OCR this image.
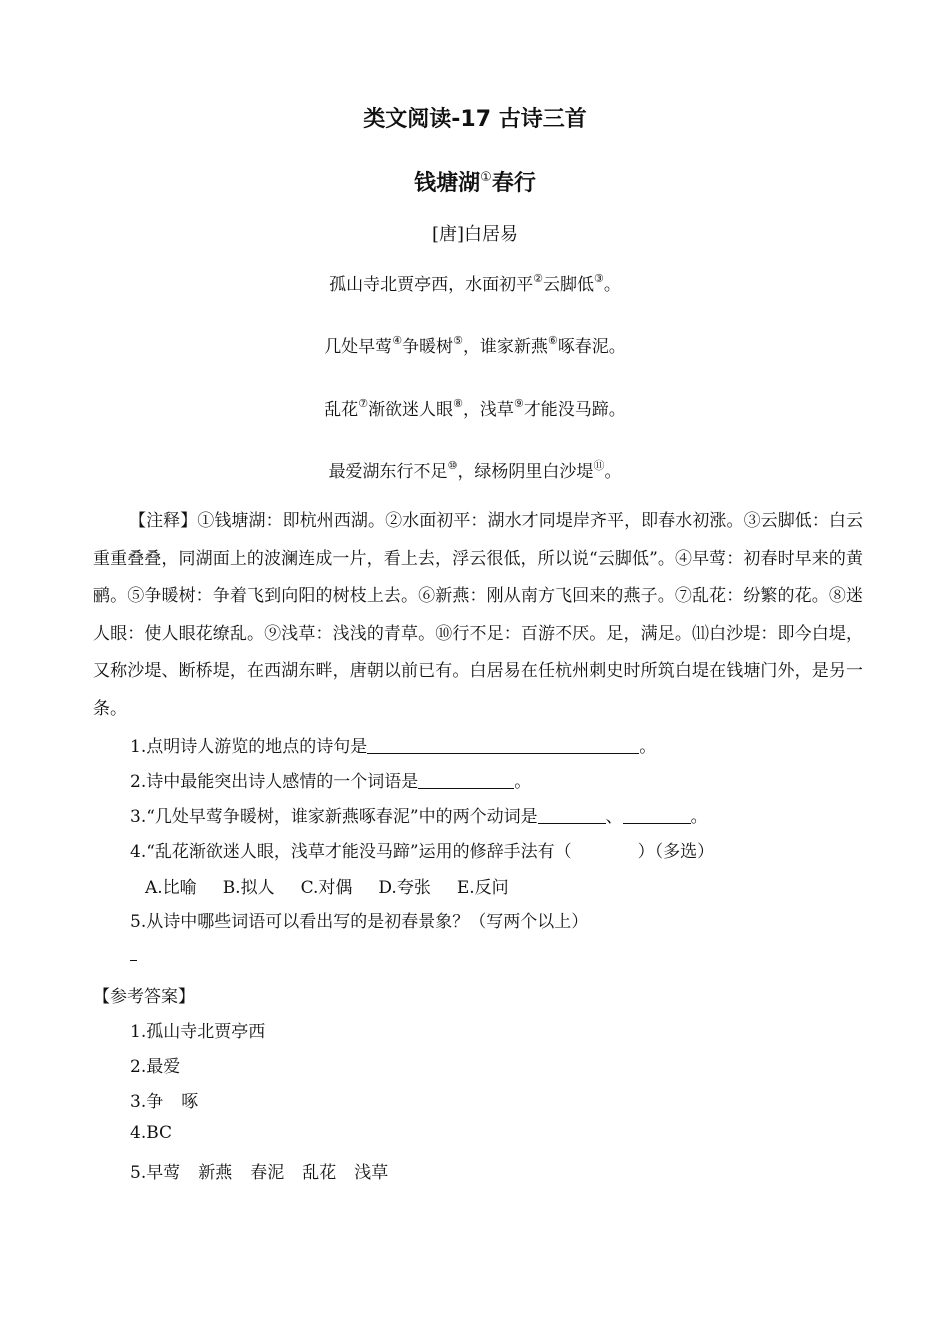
类文阅读-17 古诗三首
钱塘湖①春行
[唐]白居易
孤山寺北贾亭西，水面初平②云脚低③。
几处早莺④争暖树⑤，谁家新燕⑥啄春泥。
乱花⑦渐欲迷人眼⑧，浅草⑨才能没马蹄。
最爱湖东行不足⑩，绿杨阴里白沙堤⑪。

【注释】①钱塘湖：即杭州西湖。②水面初平：湖水才同堤岸齐平，即春水初涨。③云脚低：白云重重叠叠，同湖面上的波澜连成一片，看上去，浮云很低，所以说“云脚低”。④早莺：初春时早来的黄鹂。⑤争暖树：争着飞到向阳的树枝上去。⑥新燕：刚从南方飞回来的燕子。⑦乱花：纷繁的花。⑧迷人眼：使人眼花缭乱。⑨浅草：浅浅的青草。⑩行不足：百游不厌。足，满足。⑾白沙堤：即今白堤，又称沙堤、断桥堤，在西湖东畔，唐朝以前已有。白居易在任杭州刺史时所筑白堤在钱塘门外，是另一条。

1.点明诗人游览的地点的诗句是	。
2.诗中最能突出诗人感情的一个词语是	。
3.“几处早莺争暖树，谁家新燕啄春泥”中的两个动词是	、	。
4.“乱花渐欲迷人眼，浅草才能没马蹄”运用的修辞手法有（	）（多选）
A.比喻 B.拟人 C.对偶 D.夸张 E.反问
5.从诗中哪些词语可以看出写的是初春景象？（写两个以上）
【参考答案】
1.孤山寺北贾亭西
2.最爱
3.争 啄
4.BC
5.早莺 新燕 春泥 乱花 浅草
